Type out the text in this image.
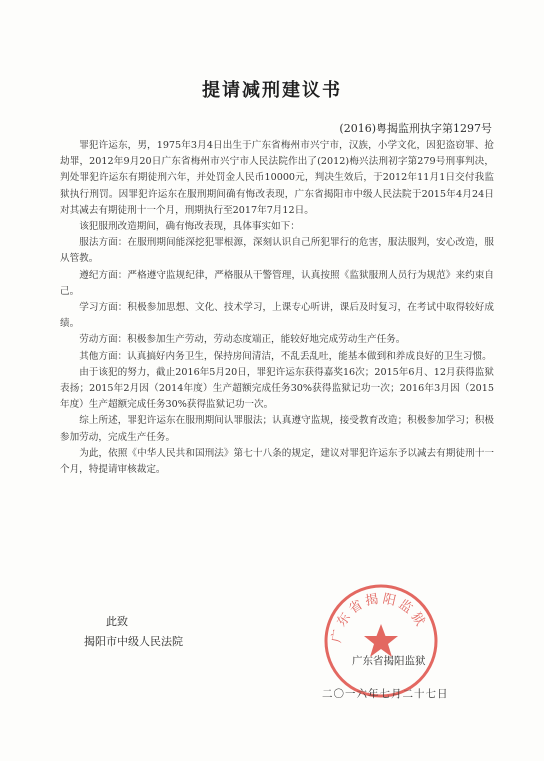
提请减刑建议书
(2016)粤揭监刑执字第1297号

罪犯许运东，男，1975年3月4日出生于广东省梅州市兴宁市，汉族，小学文化，因犯盗窃罪、抢劫罪，2012年9月20日广东省梅州市兴宁市人民法院作出了(2012)梅兴法刑初字第279号刑事判决，判处罪犯许运东有期徒刑六年，并处罚金人民币10000元，判决生效后，于2012年11月1日交付我监狱执行刑罚。因罪犯许运东在服刑期间确有悔改表现，广东省揭阳市中级人民法院于2015年4月24日对其减去有期徒刑十一个月，刑期执行至2017年7月12日。

该犯服刑改造期间，确有悔改表现，具体事实如下：

服法方面：在服刑期间能深挖犯罪根源，深刻认识自己所犯罪行的危害，服法服判，安心改造，服从管教。

遵纪方面：严格遵守监规纪律，严格服从干警管理，认真按照《监狱服刑人员行为规范》来约束自己。

学习方面：积极参加思想、文化、技术学习，上课专心听讲，课后及时复习，在考试中取得较好成绩。

劳动方面：积极参加生产劳动，劳动态度端正，能较好地完成劳动生产任务。

其他方面：认真搞好内务卫生，保持房间清洁，不乱丢乱吐，能基本做到和养成良好的卫生习惯。

由于该犯的努力，截止2016年5月20日，罪犯许运东获得嘉奖16次；2015年6月、12月获得监狱表扬；2015年2月因（2014年度）生产超额完成任务30%获得监狱记功一次；2016年3月因（2015年度）生产超额完成任务30%获得监狱记功一次。

综上所述，罪犯许运东在服刑期间认罪服法；认真遵守监规，接受教育改造；积极参加学习；积极参加劳动，完成生产任务。

为此，依照《中华人民共和国刑法》第七十八条的规定，建议对罪犯许运东予以减去有期徒刑十一个月，特提请审核裁定。

此致
揭阳市中级人民法院	广东省揭阳监狱
广东省揭阳监狱
二〇一六年七月二十七日
